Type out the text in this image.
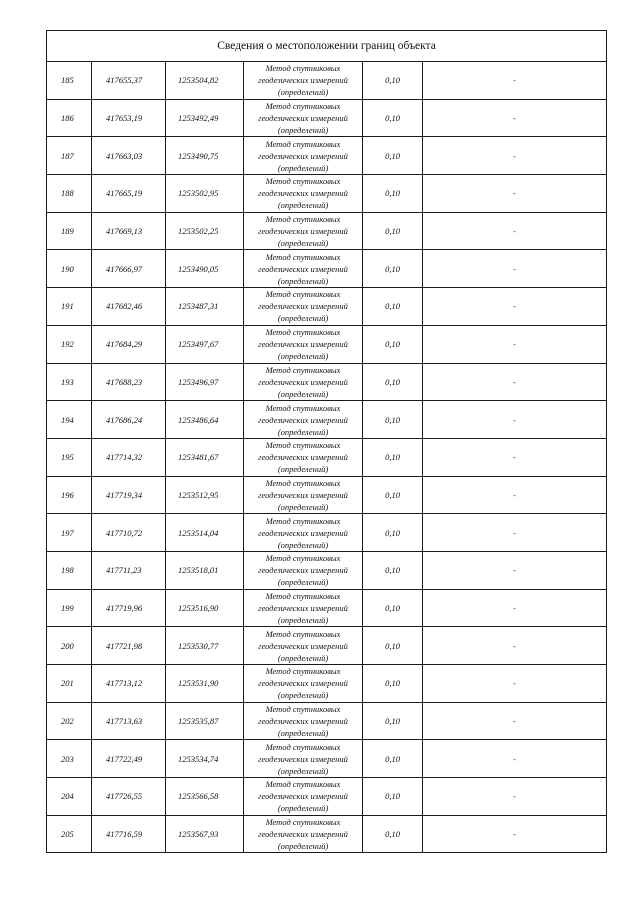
Сведения о местоположении границ объекта					
185	417655,37	1253504,82	Метод спутниковых
геодезических измерений
(определений)	0,10	-
186	417653,19	1253492,49	Метод спутниковых
геодезических измерений
(определений)	0,10	-
187	417663,03	1253490,75	Метод спутниковых
геодезических измерений
(определений)	0,10	-
188	417665,19	1253502,95	Метод спутниковых
геодезических измерений
(определений)	0,10	-
189	417669,13	1253502,25	Метод спутниковых
геодезических измерений
(определений)	0,10	-
190	417666,97	1253490,05	Метод спутниковых
геодезических измерений
(определений)	0,10	-
191	417682,46	1253487,31	Метод спутниковых
геодезических измерений
(определений)	0,10	-
192	417684,29	1253497,67	Метод спутниковых
геодезических измерений
(определений)	0,10	-
193	417688,23	1253496,97	Метод спутниковых
геодезических измерений
(определений)	0,10	-
194	417686,24	1253486,64	Метод спутниковых
геодезических измерений
(определений)	0,10	-
195	417714,32	1253481,67	Метод спутниковых
геодезических измерений
(определений)	0,10	-
196	417719,34	1253512,95	Метод спутниковых
геодезических измерений
(определений)	0,10	-
197	417710,72	1253514,04	Метод спутниковых
геодезических измерений
(определений)	0,10	-
198	417711,23	1253518,01	Метод спутниковых
геодезических измерений
(определений)	0,10	-
199	417719,96	1253516,90	Метод спутниковых
геодезических измерений
(определений)	0,10	-
200	417721,98	1253530,77	Метод спутниковых
геодезических измерений
(определений)	0,10	-
201	417713,12	1253531,90	Метод спутниковых
геодезических измерений
(определений)	0,10	-
202	417713,63	1253535,87	Метод спутниковых
геодезических измерений
(определений)	0,10	-
203	417722,49	1253534,74	Метод спутниковых
геодезических измерений
(определений)	0,10	-
204	417726,55	1253566,58	Метод спутниковых
геодезических измерений
(определений)	0,10	-
205	417716,59	1253567,93	Метод спутниковых
геодезических измерений
(определений)	0,10	-
